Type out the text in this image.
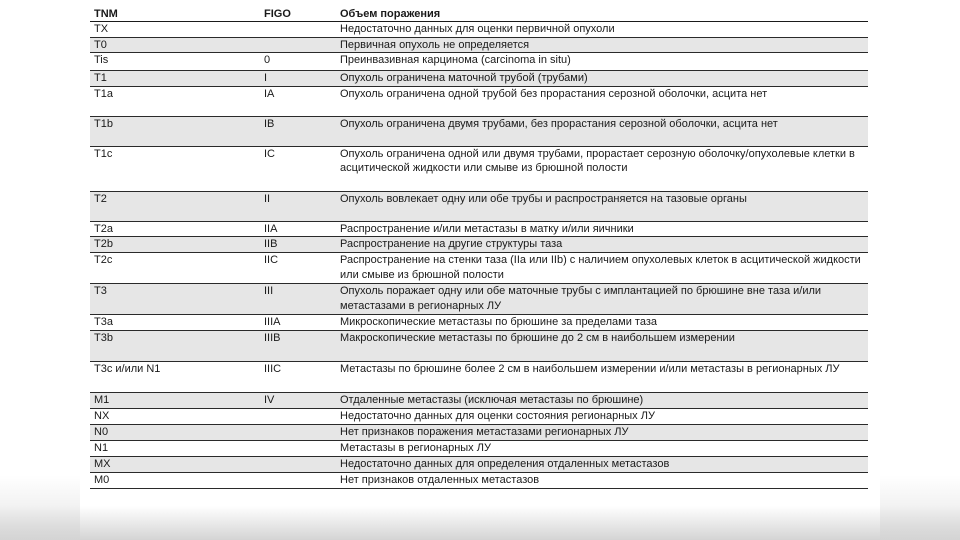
TNM	FIGO	Объем поражения
TX		Недостаточно данных для оценки первичной опухоли
T0		Первичная опухоль не определяется
Tis	0	Преинвазивная карцинома (carcinoma in situ)
T1	I	Опухоль ограничена маточной трубой (трубами)
T1a	IA	Опухоль ограничена одной трубой без прорастания серозной оболочки, асцита нет
T1b	IB	Опухоль ограничена двумя трубами, без прорастания серозной оболочки, асцита нет
T1c	IC	Опухоль ограничена одной или двумя трубами, прорастает серозную оболочку/опухолевые клетки в асцитической жидкости или смыве из брюшной полости
T2	II	Опухоль вовлекает одну или обе трубы и распространяется на тазовые органы
T2a	IIA	Распространение и/или метастазы в матку и/или яичники
T2b	IIB	Распространение на другие структуры таза
T2c	IIC	Распространение на стенки таза (IIa или IIb) с наличием опухолевых клеток в асцитической жидкости или смыве из брюшной полости
T3	III	Опухоль поражает одну или обе маточные трубы с имплантацией по брюшине вне таза и/или метастазами в регионарных ЛУ
T3a	IIIA	Микроскопические метастазы по брюшине за пределами таза
T3b	IIIB	Макроскопические метастазы по брюшине до 2 см в наибольшем измерении
T3c и/или N1	IIIC	Метастазы по брюшине более 2 см в наибольшем измерении и/или метастазы в регионарных ЛУ
M1	IV	Отдаленные метастазы (исключая метастазы по брюшине)
NX		Недостаточно данных для оценки состояния регионарных ЛУ
N0		Нет признаков поражения метастазами регионарных ЛУ
N1		Метастазы в регионарных ЛУ
MX		Недостаточно данных для определения отдаленных метастазов
M0		Нет признаков отдаленных метастазов
